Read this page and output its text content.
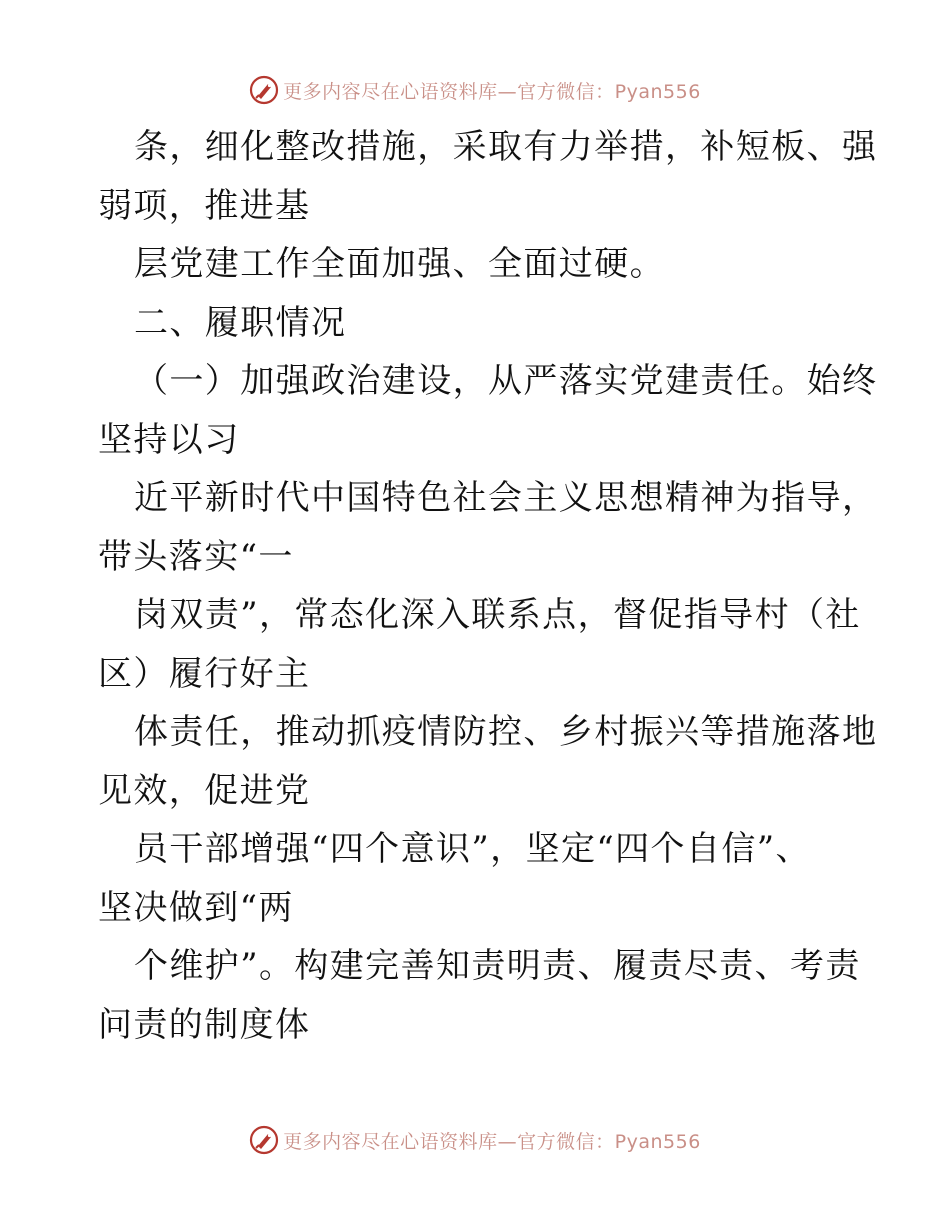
更多内容尽在心语资料库—官方微信：Pyan556
条，细化整改措施，采取有力举措，补短板、强
弱项，推进基
层党建工作全面加强、全面过硬。
二、履职情况
（一）加强政治建设，从严落实党建责任。始终
坚持以习
近平新时代中国特色社会主义思想精神为指导，
带头落实“一
岗双责”，常态化深入联系点，督促指导村（社
区）履行好主
体责任，推动抓疫情防控、乡村振兴等措施落地
见效，促进党
员干部增强“四个意识”，坚定“四个自信”、
坚决做到“两
个维护”。构建完善知责明责、履责尽责、考责
问责的制度体
更多内容尽在心语资料库—官方微信：Pyan556
